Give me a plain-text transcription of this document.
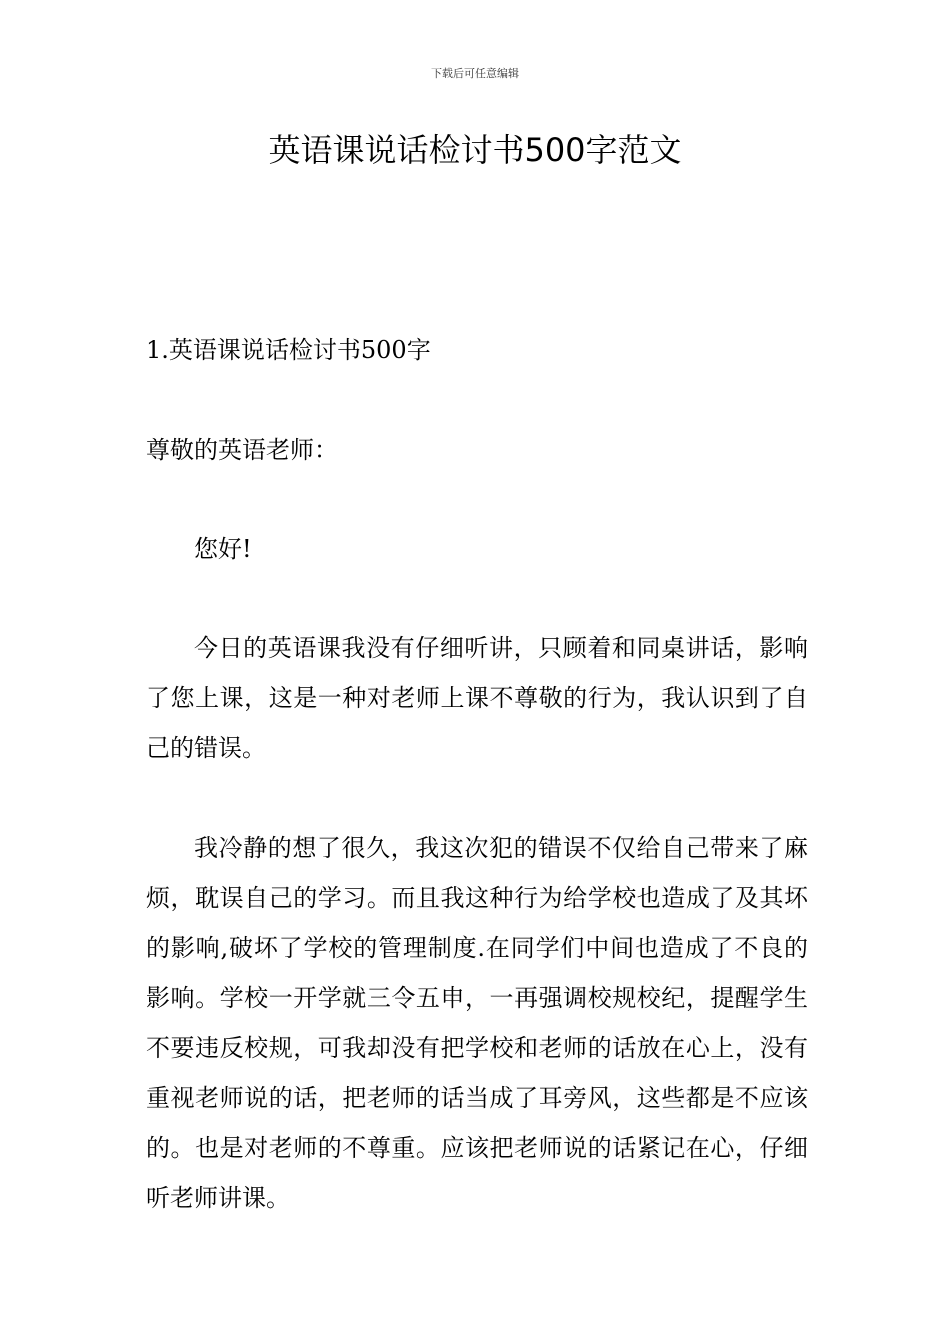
下载后可任意编辑
英语课说话检讨书500字范文

1.英语课说话检讨书500字

尊敬的英语老师：

您好!

今日的英语课我没有仔细听讲，只顾着和同桌讲话，影响了您上课，这是一种对老师上课不尊敬的行为，我认识到了自己的错误。

我冷静的想了很久，我这次犯的错误不仅给自己带来了麻烦，耽误自己的学习。而且我这种行为给学校也造成了及其坏的影响,破坏了学校的管理制度.在同学们中间也造成了不良的影响。学校一开学就三令五申，一再强调校规校纪，提醒学生不要违反校规，可我却没有把学校和老师的话放在心上，没有重视老师说的话，把老师的话当成了耳旁风，这些都是不应该的。也是对老师的不尊重。应该把老师说的话紧记在心，仔细听老师讲课。
